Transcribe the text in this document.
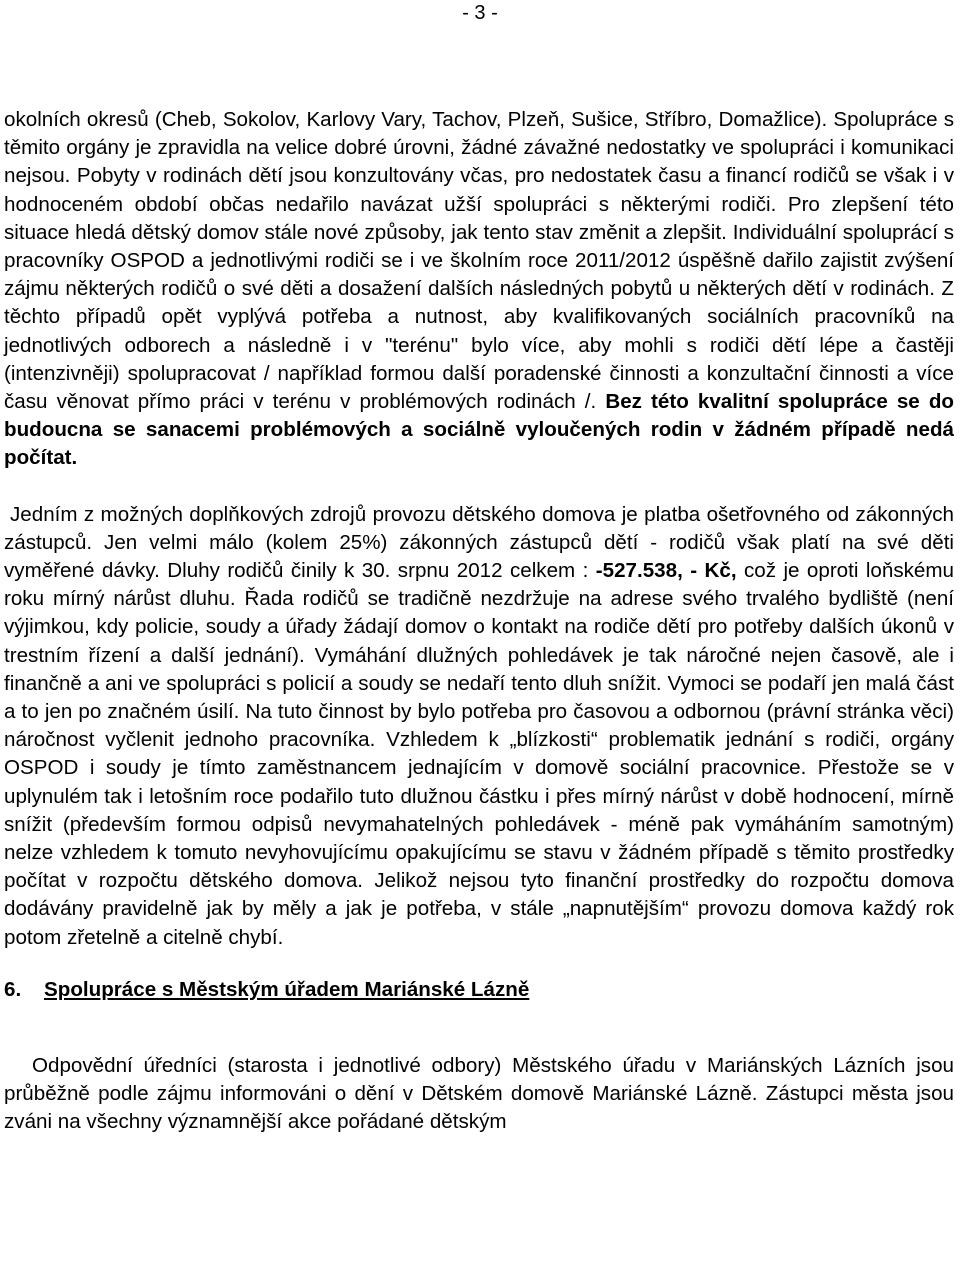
- 3 -

okolních okresů (Cheb, Sokolov, Karlovy Vary, Tachov, Plzeň, Sušice, Stříbro, Domažlice). Spolupráce s těmito orgány je zpravidla na velice dobré úrovni, žádné závažné nedostatky ve spolupráci i komunikaci nejsou. Pobyty v rodinách dětí jsou konzultovány včas, pro nedostatek času a financí rodičů se však i v hodnoceném období občas nedařilo navázat užší spolupráci s některými rodiči. Pro zlepšení této situace hledá dětský domov stále nové způsoby, jak tento stav změnit a zlepšit. Individuální spoluprácí s pracovníky OSPOD a jednotlivými rodiči se i ve školním roce 2011/2012 úspěšně dařilo zajistit zvýšení zájmu některých rodičů o své děti a dosažení dalších následných pobytů u některých dětí v rodinách. Z těchto případů opět vyplývá potřeba a nutnost, aby kvalifikovaných sociálních pracovníků na jednotlivých odborech a následně i v "terénu" bylo více, aby mohli s rodiči dětí lépe a častěji (intenzivněji) spolupracovat / například formou další poradenské činnosti a konzultační činnosti a více času věnovat přímo práci v terénu v problémových rodinách /. Bez této kvalitní spolupráce se do budoucna se sanacemi problémových a sociálně vyloučených rodin v žádném případě nedá počítat.

Jedním z možných doplňkových zdrojů provozu dětského domova je platba ošetřovného od zákonných zástupců. Jen velmi málo (kolem 25%) zákonných zástupců dětí - rodičů však platí na své děti vyměřené dávky. Dluhy rodičů činily k 30. srpnu 2012 celkem : -527.538, - Kč, což je oproti loňskému roku mírný nárůst dluhu. Řada rodičů se tradičně nezdržuje na adrese svého trvalého bydliště (není výjimkou, kdy policie, soudy a úřady žádají domov o kontakt na rodiče dětí pro potřeby dalších úkonů v trestním řízení a další jednání). Vymáhání dlužných pohledávek je tak náročné nejen časově, ale i finančně a ani ve spolupráci s policií a soudy se nedaří tento dluh snížit. Vymoci se podaří jen malá část a to jen po značném úsilí. Na tuto činnost by bylo potřeba pro časovou a odbornou (právní stránka věci) náročnost vyčlenit jednoho pracovníka. Vzhledem k „blízkosti“ problematik jednání s rodiči, orgány OSPOD i soudy je tímto zaměstnancem jednajícím v domově sociální pracovnice. Přestože se v uplynulém tak i letošním roce podařilo tuto dlužnou částku i přes mírný nárůst v době hodnocení, mírně snížit (především formou odpisů nevymahatelných pohledávek - méně pak vymáháním samotným) nelze vzhledem k tomuto nevyhovujícímu opakujícímu se stavu v žádném případě s těmito prostředky počítat v rozpočtu dětského domova. Jelikož nejsou tyto finanční prostředky do rozpočtu domova dodávány pravidelně jak by měly a jak je potřeba, v stále „napnutějším“ provozu domova každý rok potom zřetelně a citelně chybí.

6. Spolupráce s Městským úřadem Mariánské Lázně

Odpovědní úředníci (starosta i jednotlivé odbory) Městského úřadu v Mariánských Lázních jsou průběžně podle zájmu informováni o dění v Dětském domově Mariánské Lázně. Zástupci města jsou zváni na všechny významnější akce pořádané dětským
